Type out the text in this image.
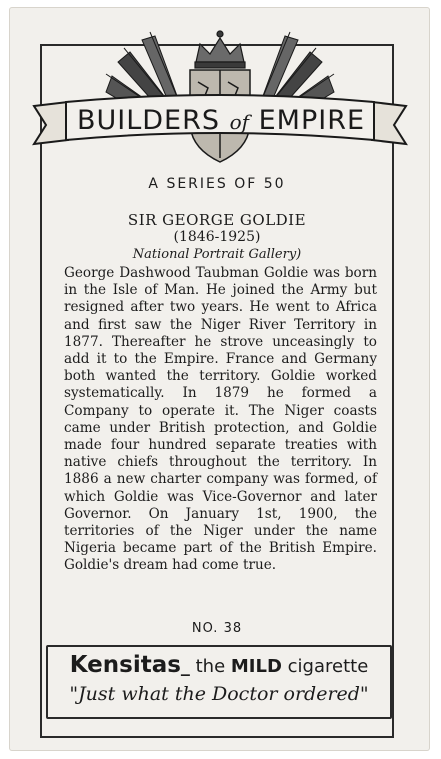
BUILDERS of EMPIRE
A SERIES OF 50
SIR GEORGE GOLDIE
(1846-1925)
National Portrait Gallery)

George Dashwood Taubman Goldie was born in the Isle of Man. He joined the Army but resigned after two years. He went to Africa and first saw the Niger River Territory in 1877. Thereafter he strove unceasingly to add it to the Empire. France and Germany both wanted the territory. Goldie worked systematically. In 1879 he formed a Company to operate it. The Niger coasts came under British protection, and Goldie made four hundred separate treaties with native chiefs throughout the territory. In 1886 a new charter company was formed, of which Goldie was Vice-Governor and later Governor. On January 1st, 1900, the territories of the Niger under the name Nigeria became part of the British Empire. Goldie's dream had come true.

NO. 38
Kensitas_ the MILD cigarette
"Just what the Doctor ordered"
